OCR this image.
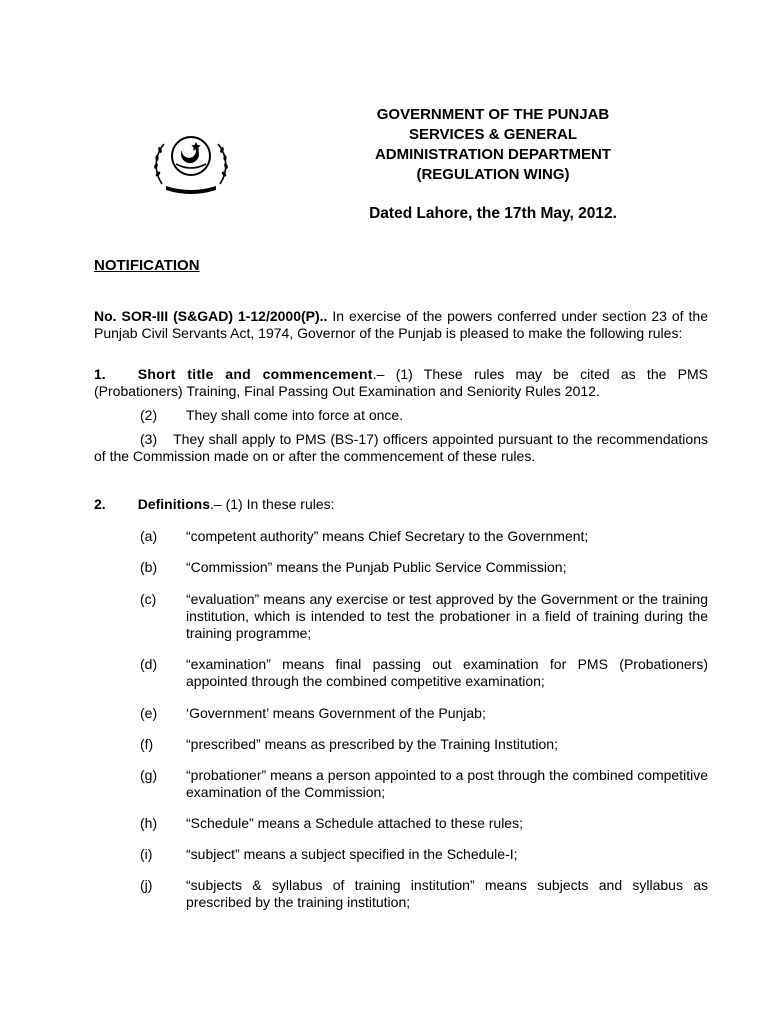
GOVERNMENT OF THE PUNJAB
SERVICES & GENERAL
ADMINISTRATION DEPARTMENT
(REGULATION WING)
Dated Lahore, the 17th May, 2012.
NOTIFICATION
No. SOR-III (S&GAD) 1-12/2000(P).. In exercise of the powers conferred under section 23 of the Punjab Civil Servants Act, 1974, Governor of the Punjab is pleased to make the following rules:
1. Short title and commencement.– (1) These rules may be cited as the PMS (Probationers) Training, Final Passing Out Examination and Seniority Rules 2012.
(2) They shall come into force at once.
(3) They shall apply to PMS (BS-17) officers appointed pursuant to the recommendations of the Commission made on or after the commencement of these rules.
2. Definitions.– (1) In these rules:
(a) “competent authority” means Chief Secretary to the Government;
(b) “Commission” means the Punjab Public Service Commission;
(c) “evaluation” means any exercise or test approved by the Government or the training institution, which is intended to test the probationer in a field of training during the training programme;
(d) “examination” means final passing out examination for PMS (Probationers) appointed through the combined competitive examination;
(e) ‘Government’ means Government of the Punjab;
(f) “prescribed” means as prescribed by the Training Institution;
(g) “probationer” means a person appointed to a post through the combined competitive examination of the Commission;
(h) “Schedule” means a Schedule attached to these rules;
(i) “subject” means a subject specified in the Schedule-I;
(j) “subjects & syllabus of training institution” means subjects and syllabus as prescribed by the training institution;
